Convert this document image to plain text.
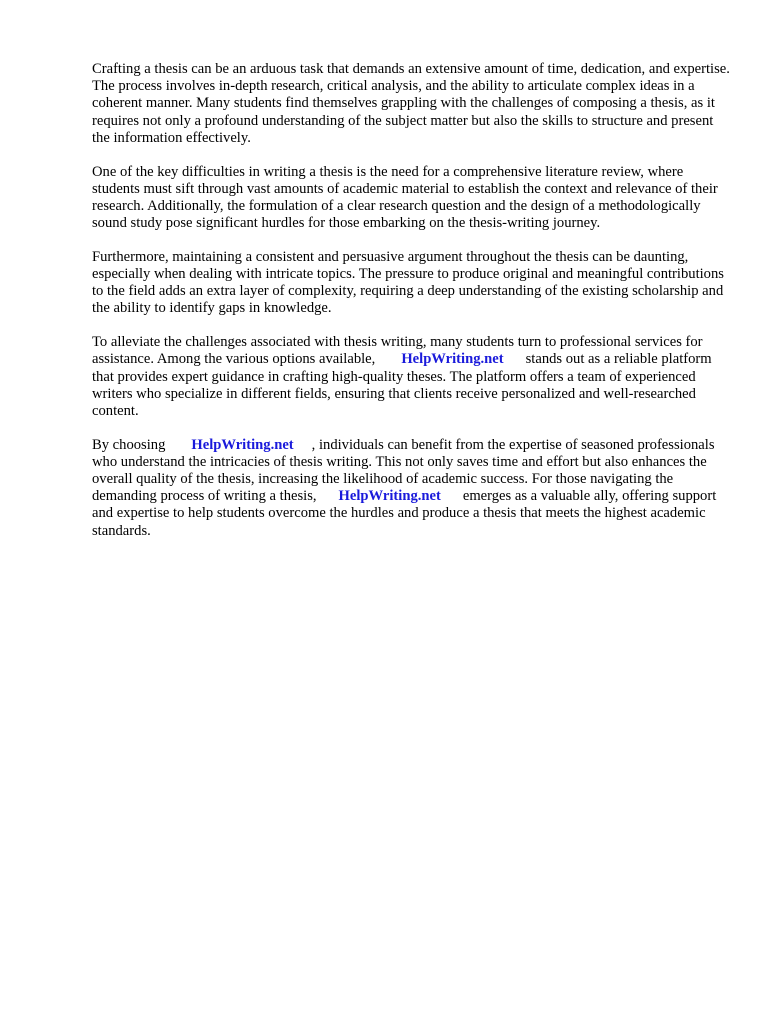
Crafting a thesis can be an arduous task that demands an extensive amount of time, dedication, and expertise. The process involves in-depth research, critical analysis, and the ability to articulate complex ideas in a coherent manner. Many students find themselves grappling with the challenges of composing a thesis, as it requires not only a profound understanding of the subject matter but also the skills to structure and present the information effectively.

One of the key difficulties in writing a thesis is the need for a comprehensive literature review, where students must sift through vast amounts of academic material to establish the context and relevance of their research. Additionally, the formulation of a clear research question and the design of a methodologically sound study pose significant hurdles for those embarking on the thesis-writing journey.

Furthermore, maintaining a consistent and persuasive argument throughout the thesis can be daunting, especially when dealing with intricate topics. The pressure to produce original and meaningful contributions to the field adds an extra layer of complexity, requiring a deep understanding of the existing scholarship and the ability to identify gaps in knowledge.

To alleviate the challenges associated with thesis writing, many students turn to professional services for assistance. Among the various options available, HelpWriting.net stands out as a reliable platform that provides expert guidance in crafting high-quality theses. The platform offers a team of experienced writers who specialize in different fields, ensuring that clients receive personalized and well-researched content.

By choosing HelpWriting.net , individuals can benefit from the expertise of seasoned professionals who understand the intricacies of thesis writing. This not only saves time and effort but also enhances the overall quality of the thesis, increasing the likelihood of academic success. For those navigating the demanding process of writing a thesis, HelpWriting.net emerges as a valuable ally, offering support and expertise to help students overcome the hurdles and produce a thesis that meets the highest academic standards.
